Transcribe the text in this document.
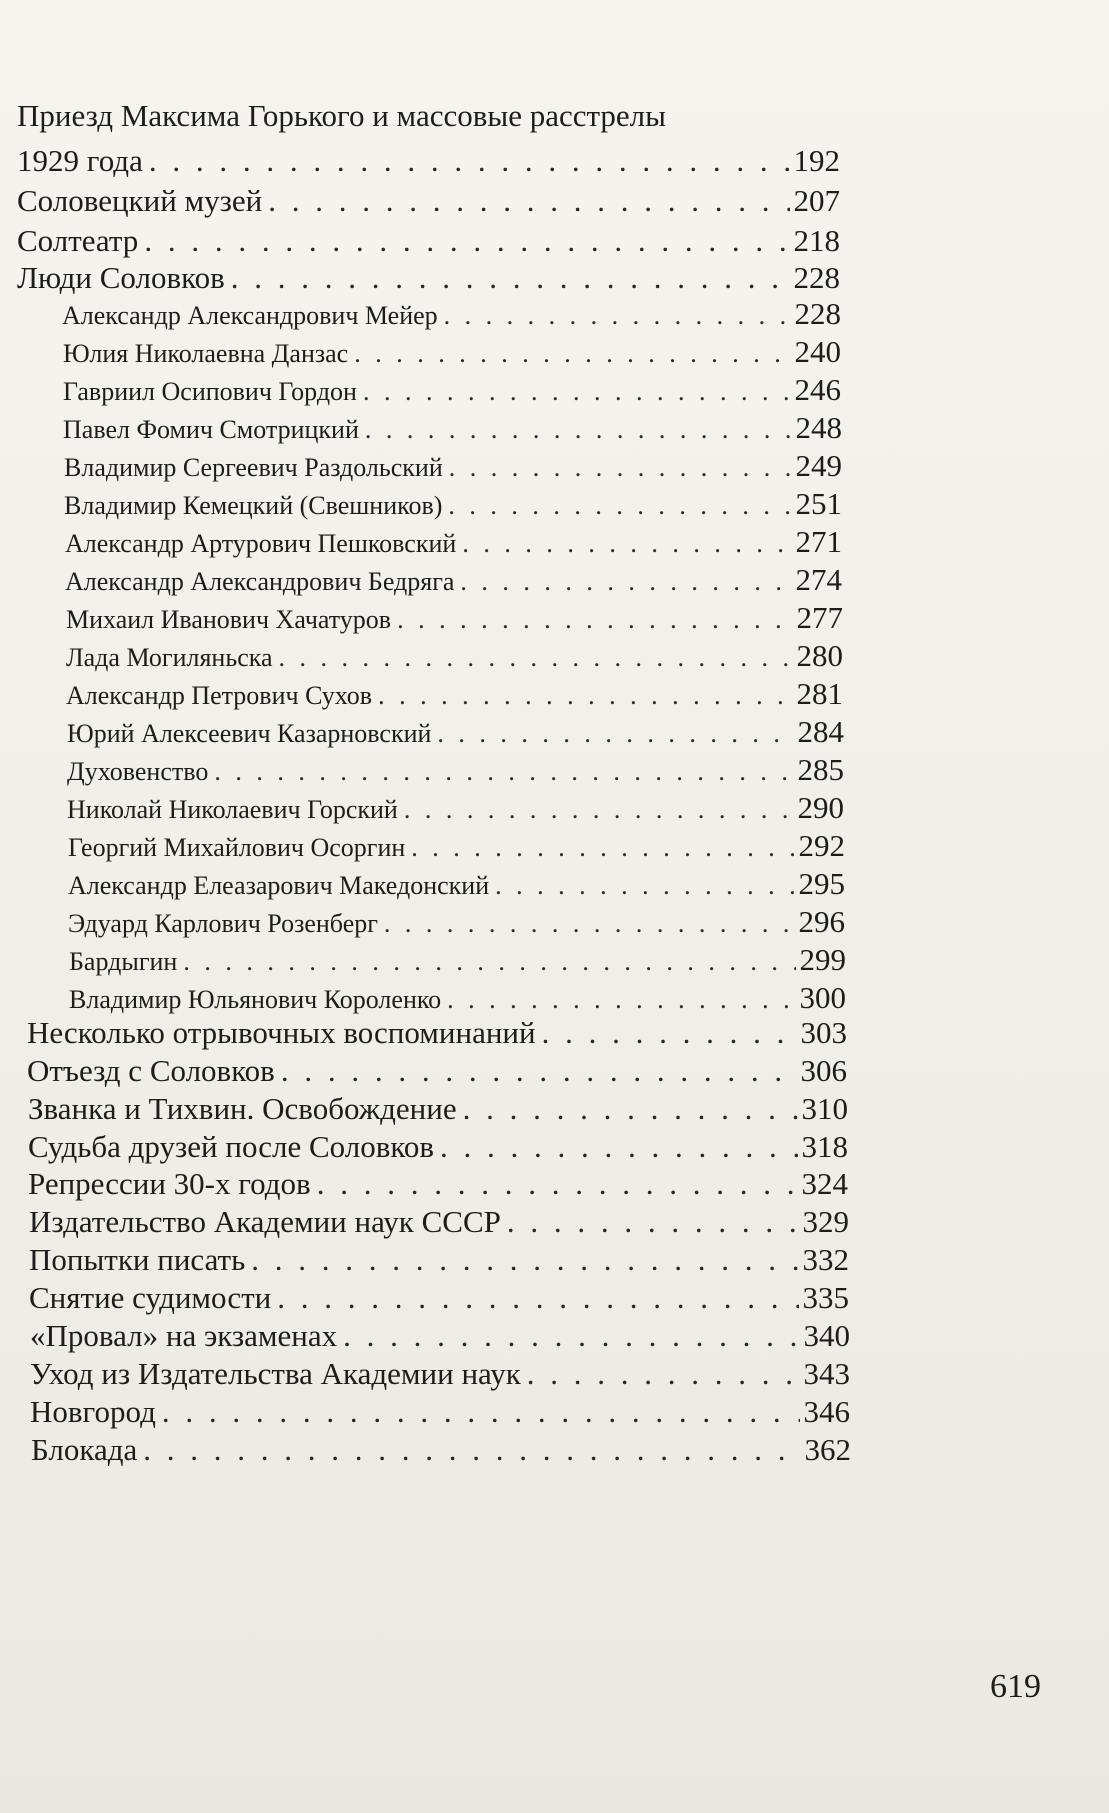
Приезд Максима Горького и массовые расстрелы
1929 года . . .	192
Соловецкий музей . . .	207
Солтеатр . . .	218
Люди Соловков . . .	228
Александр Александрович Мейер . . .	228
Юлия Николаевна Данзас . . .	240
Гавриил Осипович Гордон . . .	246
Павел Фомич Смотрицкий . . .	248
Владимир Сергеевич Раздольский . . .	249
Владимир Кемецкий (Свешников) . . .	251
Александр Артурович Пешковский . . .	271
Александр Александрович Бедряга . . .	274
Михаил Иванович Хачатуров . . .	277
Лада Могиляньска . . .	280
Александр Петрович Сухов . . .	281
Юрий Алексеевич Казарновский . . .	284
Духовенство . . .	285
Николай Николаевич Горский . . .	290
Георгий Михайлович Осоргин . . .	292
Александр Елеазарович Македонский . . .	295
Эдуард Карлович Розенберг . . .	296
Бардыгин . . .	299
Владимир Юльянович Короленко . . .	300
Несколько отрывочных воспоминаний . . .	303
Отъезд с Соловков . . .	306
Званка и Тихвин. Освобождение . . .	310
Судьба друзей после Соловков . . .	318
Репрессии 30-х годов . . .	324
Издательство Академии наук СССР . . .	329
Попытки писать . . .	332
Снятие судимости . . .	335
«Провал» на экзаменах . . .	340
Уход из Издательства Академии наук . . .	343
Новгород . . .	346
Блокада . . .	362
619
